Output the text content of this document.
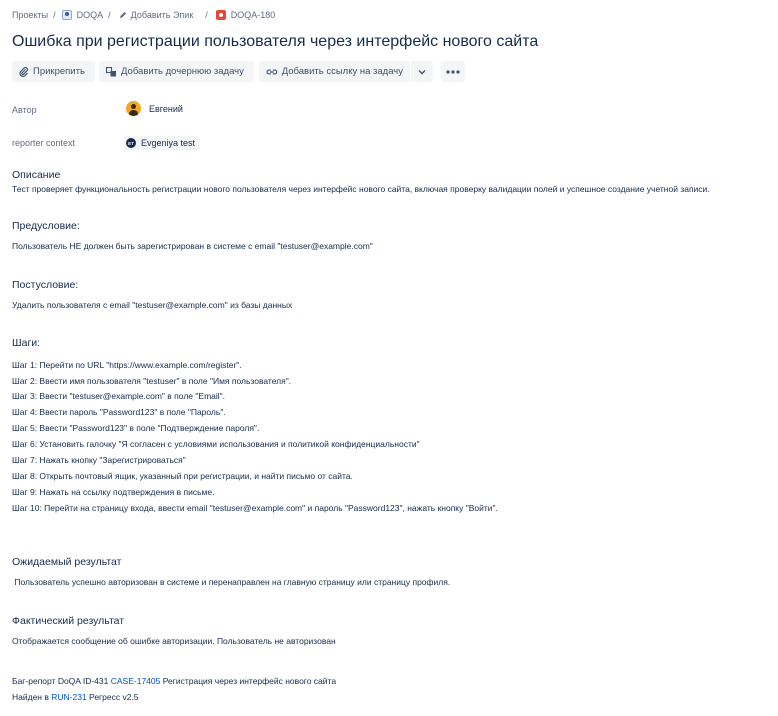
Проекты / DOQA / Добавить Эпик /	DOQA-180
Ошибка при регистрации пользователя через интерфейс нового сайта
Прикрепить	Добавить дочернюю задачу	Добавить ссылку на задачу
Автор	Евгений
reporter context	ET Evgeniya test
Описание
Тест проверяет функциональность регистрации нового пользователя через интерфейс нового сайта, включая проверку валидации полей и успешное создание учетной записи.
Предусловие:
Пользователь НЕ должен быть зарегистрирован в системе с email "testuser@example.com"
Постусловие:
Удалить пользователя с email "testuser@example.com" из базы данных
Шаги:
Шаг 1: Перейти по URL "https://www.example.com/register".
Шаг 2: Ввести имя пользователя "testuser" в поле "Имя пользователя".
Шаг 3: Ввести "testuser@example.com" в поле "Email".
Шаг 4: Ввести пароль "Password123" в поле "Пароль".
Шаг 5: Ввести "Password123" в поле "Подтверждение пароля".
Шаг 6: Установить галочку "Я согласен с условиями использования и политикой конфиденциальности"
Шаг 7: Нажать кнопку "Зарегистрироваться"
Шаг 8: Открыть почтовый ящик, указанный при регистрации, и найти письмо от сайта.
Шаг 9: Нажать на ссылку подтверждения в письме.
Шаг 10: Перейти на страницу входа, ввести email "testuser@example.com" и пароль "Password123", нажать кнопку "Войти".
Ожидаемый результат
Пользователь успешно авторизован в системе и перенаправлен на главную страницу или страницу профиля.
Фактический результат
Отображается сообщение об ошибке авторизации. Пользователь не авторизован
Баг-репорт DoQA ID-431 CASE-17405 Регистрация через интерфейс нового сайта
Найден в RUN-231 Регресс v2.5
